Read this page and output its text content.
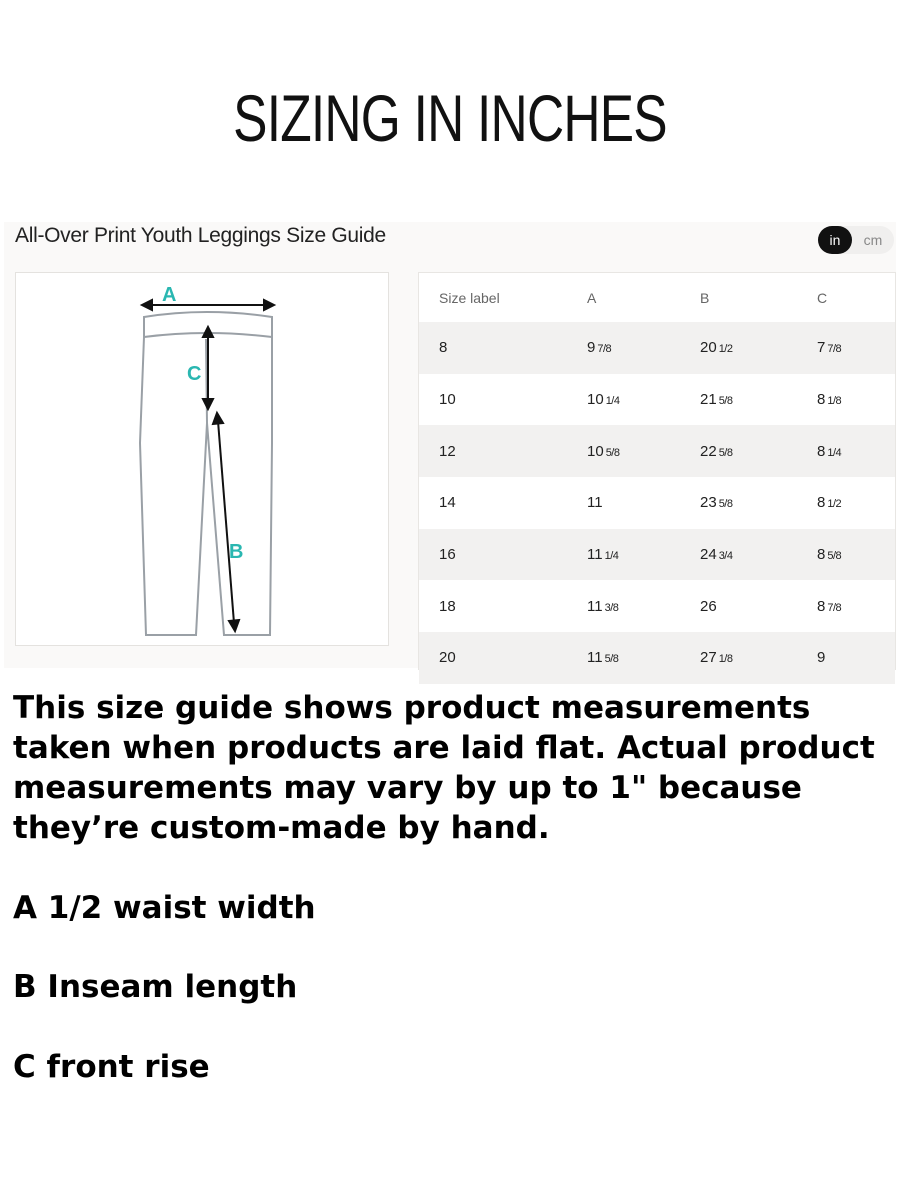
SIZING IN INCHES
All-Over Print Youth Leggings Size Guide	in	cm
A
C
B
Size label	A	B	C
8	9 7/8	20 1/2	7 7/8
10	10 1/4	21 5/8	8 1/8
12	10 5/8	22 5/8	8 1/4
14	11	23 5/8	8 1/2
16	11 1/4	24 3/4	8 5/8
18	11 3/8	26	8 7/8
20	11 5/8	27 1/8	9

This size guide shows product measurements taken when products are laid flat. Actual product measurements may vary by up to 1" because they’re custom-made by hand.

A 1/2 waist width
B Inseam length
C front rise
